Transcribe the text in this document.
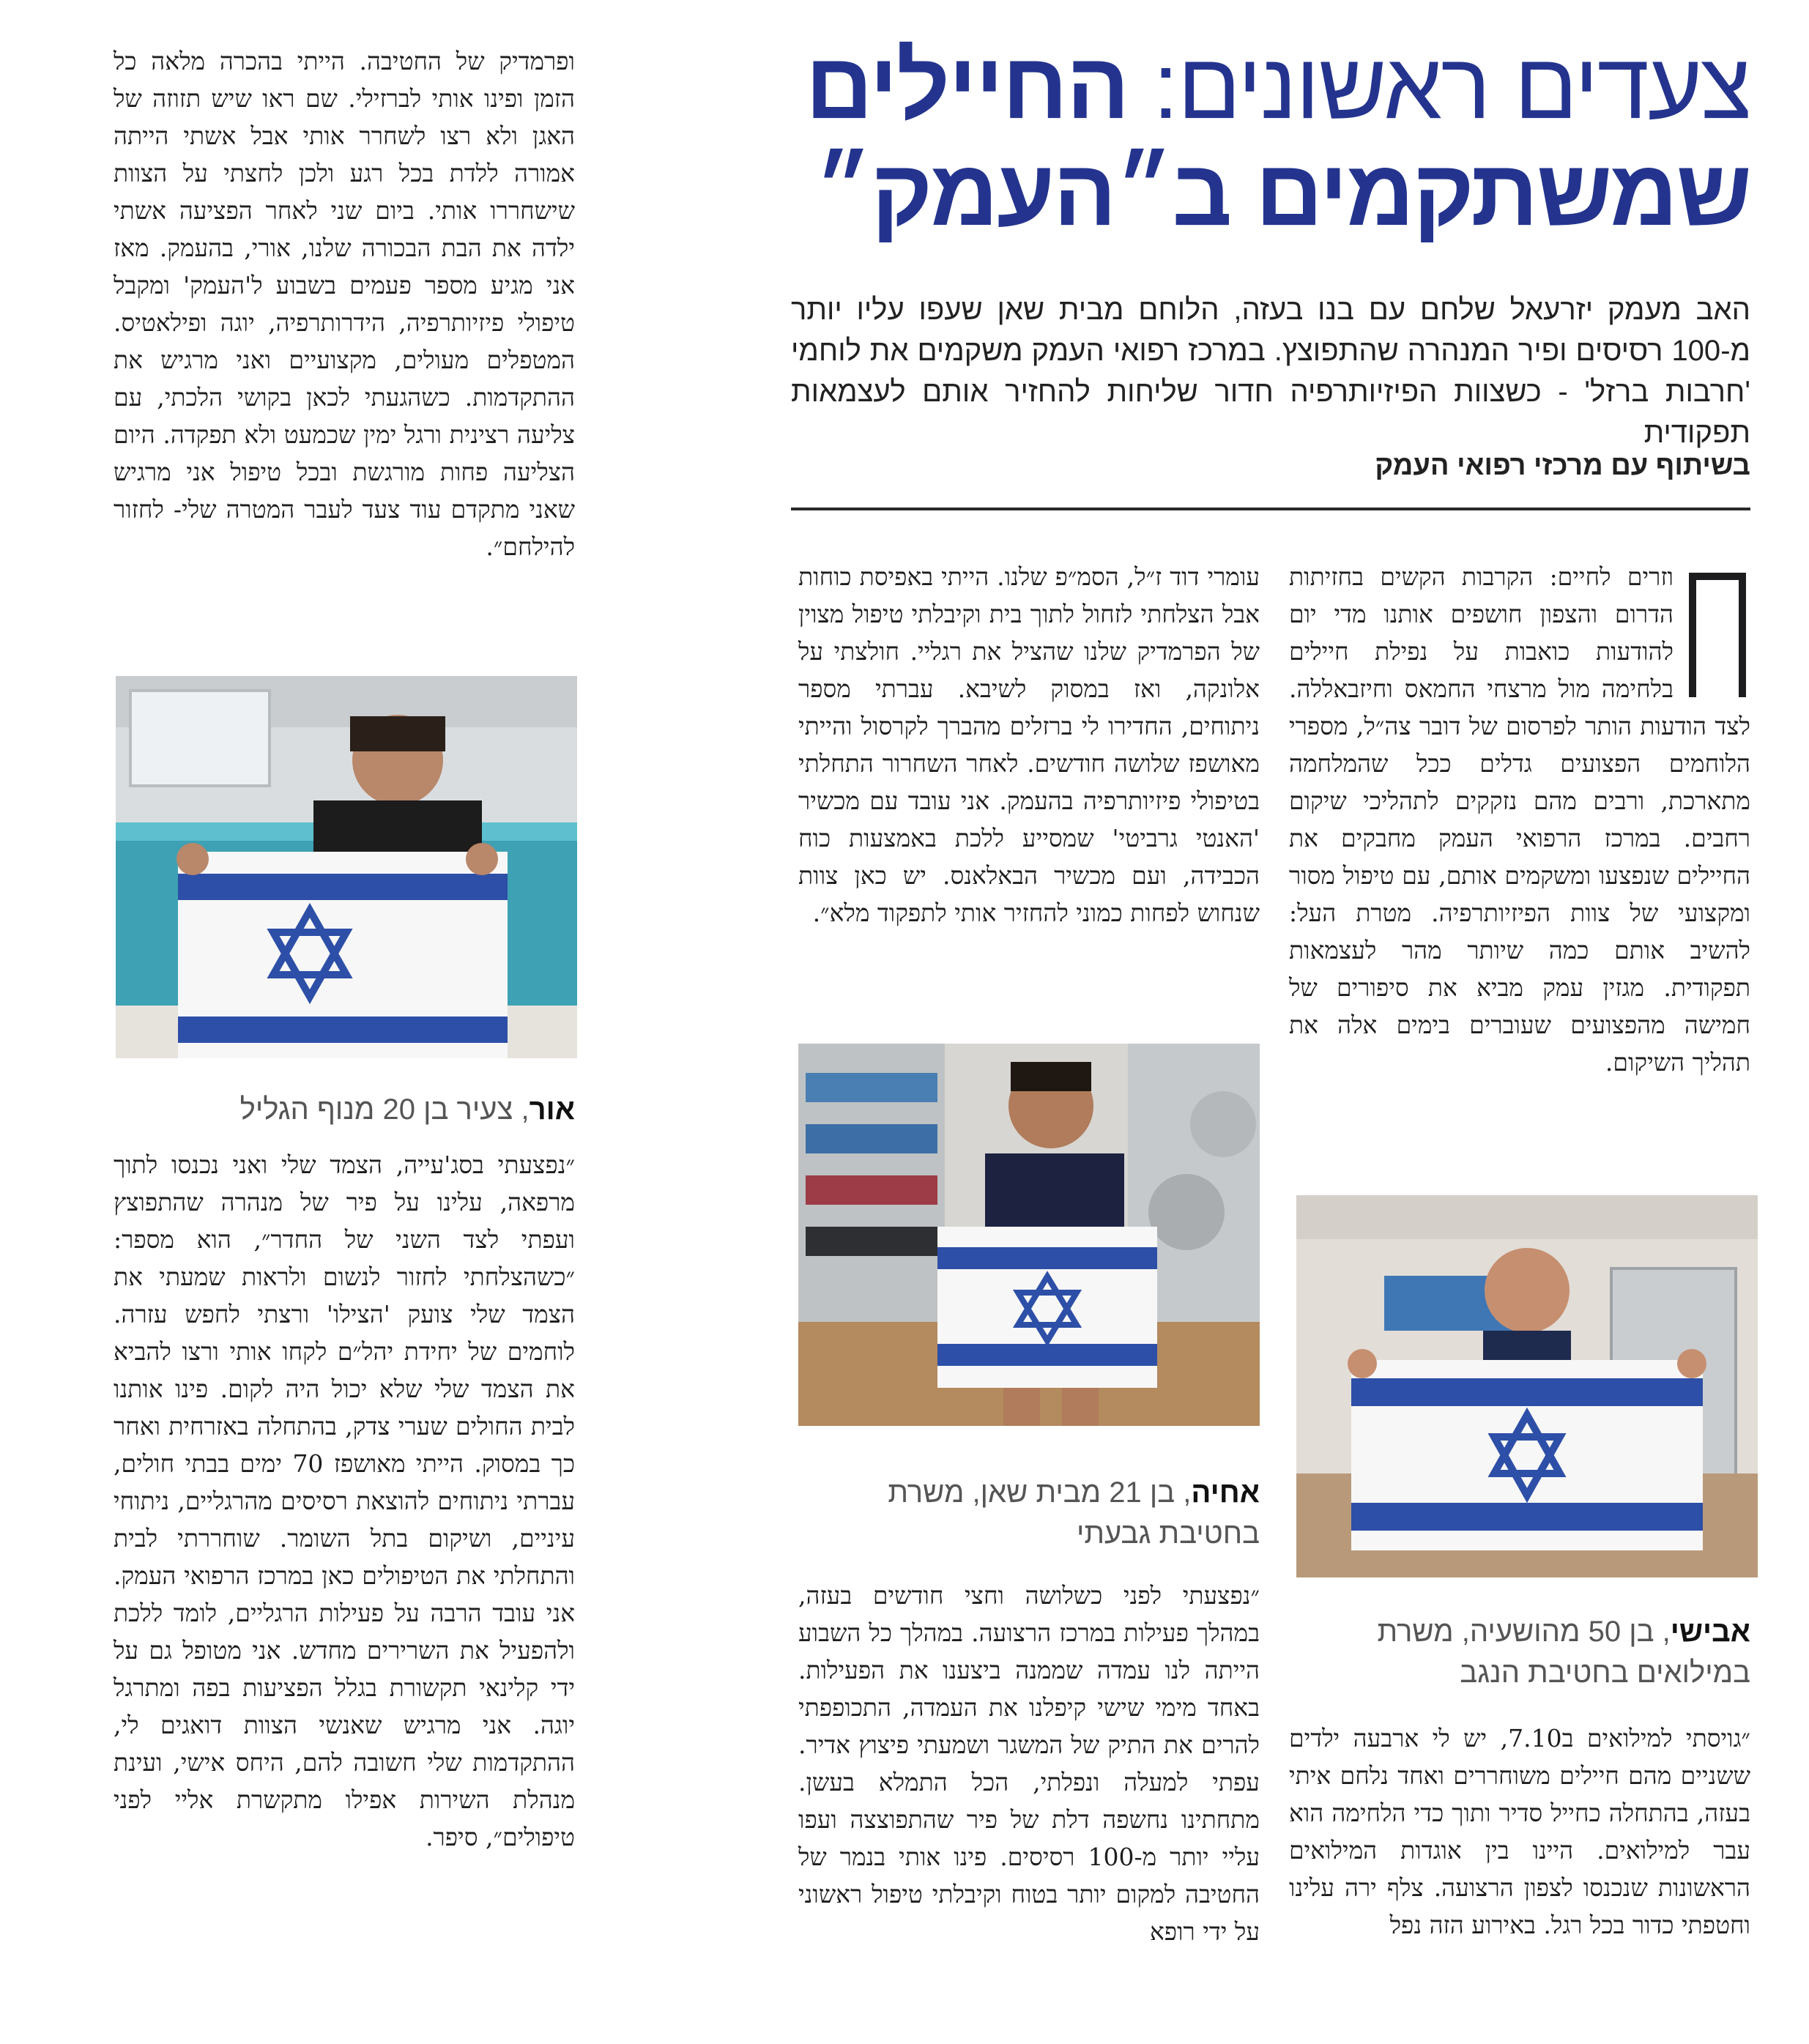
צעדים ראשונים: החיילים
שמשתקמים ב״העמק״
האב מעמק יזרעאל שלחם עם בנו בעזה, הלוחם מבית שאן שעפו עליו יותר מ-100 רסיסים ופיר המנהרה שהתפוצץ. במרכז רפואי העמק משקמים את לוחמי 'חרבות ברזל' - כשצוות הפיזיותרפיה חדור שליחות להחזיר אותם לעצמאות תפקודית
בשיתוף עם מרכזי רפואי העמק
וזרים לחיים: הקרבות הקשים בחזיתות הדרום והצפון חושפים אותנו מדי יום להודעות כואבות על נפילת חיילים בלחימה מול מרצחי החמאס וחיזבאללה. לצד הודעות הותר לפרסום של דובר צה״ל, מספרי הלוחמים הפצועים גדלים ככל שהמלחמה מתארכת, ורבים מהם נזקקים לתהליכי שיקום רחבים. במרכז הרפואי העמק מחבקים את החיילים שנפצעו ומשקמים אותם, עם טיפול מסור ומקצועי של צוות הפיזיותרפיה. מטרת העל: להשיב אותם כמה שיותר מהר לעצמאות תפקודית. מגזין עמק מביא את סיפורים של חמישה מהפצועים שעוברים בימים אלה את תהליך השיקום.
עומרי דוד ז״ל, הסמ״פ שלנו. הייתי באפיסת כוחות אבל הצלחתי לזחול לתוך בית וקיבלתי טיפול מצוין של הפרמדיק שלנו שהציל את רגליי. חולצתי על אלונקה, ואז במסוק לשיבא. עברתי מספר ניתוחים, החדירו לי ברזלים מהברך לקרסול והייתי מאושפז שלושה חודשים. לאחר השחרור התחלתי בטיפולי פיזיותרפיה בהעמק. אני עובד עם מכשיר 'האנטי גרביטי' שמסייע ללכת באמצעות כוח הכבידה, ועם מכשיר הבאלאנס. יש כאן צוות שנחוש לפחות כמוני להחזיר אותי לתפקוד מלא״.
ופרמדיק של החטיבה. הייתי בהכרה מלאה כל הזמן ופינו אותי לברזילי. שם ראו שיש תזוזה של האגן ולא רצו לשחרר אותי אבל אשתי הייתה אמורה ללדת בכל רגע ולכן לחצתי על הצוות שישחררו אותי. ביום שני לאחר הפציעה אשתי ילדה את הבת הבכורה שלנו, אורי, בהעמק. מאז אני מגיע מספר פעמים בשבוע ל'העמק' ומקבל טיפולי פיזיותרפיה, הידרותרפיה, יוגה ופילאטיס. המטפלים מעולים, מקצועיים ואני מרגיש את ההתקדמות. כשהגעתי לכאן בקושי הלכתי, עם צליעה רצינית ורגל ימין שכמעט ולא תפקדה. היום הצליעה פחות מורגשת ובכל טיפול אני מרגיש שאני מתקדם עוד צעד לעבר המטרה שלי- לחזור להילחם״.
אור, צעיר בן 20 מנוף הגליל
״נפצעתי בסג'עייה, הצמד שלי ואני נכנסו לתוך מרפאה, עלינו על פיר של מנהרה שהתפוצץ ועפתי לצד השני של החדר״, הוא מספר: ״כשהצלחתי לחזור לנשום ולראות שמעתי את הצמד שלי צועק 'הצילו' ורצתי לחפש עזרה. לוחמים של יחידת יהל״ם לקחו אותי ורצו להביא את הצמד שלי שלא יכול היה לקום. פינו אותנו לבית החולים שערי צדק, בהתחלה באזרחית ואחר כך במסוק. הייתי מאושפז 70 ימים בבתי חולים, עברתי ניתוחים להוצאת רסיסים מהרגליים, ניתוחי עיניים, ושיקום בתל השומר. שוחררתי לבית והתחלתי את הטיפולים כאן במרכז הרפואי העמק. אני עובד הרבה על פעילות הרגליים, לומד ללכת ולהפעיל את השרירים מחדש. אני מטופל גם על ידי קלינאי תקשורת בגלל הפציעות בפה ומתרגל יוגה. אני מרגיש שאנשי הצוות דואגים לי, ההתקדמות שלי חשובה להם, היחס אישי, ועינת מנהלת השירות אפילו מתקשרת אליי לפני טיפולים״, סיפר.
אחיה, בן 21 מבית שאן, משרת
בחטיבת גבעתי
״נפצעתי לפני כשלושה וחצי חודשים בעזה, במהלך פעילות במרכז הרצועה. במהלך כל השבוע הייתה לנו עמדה שממנה ביצענו את הפעילות. באחד מימי שישי קיפלנו את העמדה, התכופפתי להרים את התיק של המשגר ושמעתי פיצוץ אדיר. עפתי למעלה ונפלתי, הכל התמלא בעשן. מתחתינו נחשפה דלת של פיר שהתפוצצה ועפו עליי יותר מ-100 רסיסים. פינו אותי בנמר של החטיבה למקום יותר בטוח וקיבלתי טיפול ראשוני על ידי רופא
אבישי, בן 50 מהושעיה, משרת
במילואים בחטיבת הנגב
״גויסתי למילואים ב7.10, יש לי ארבעה ילדים ששניים מהם חיילים משוחררים ואחד נלחם איתי בעזה, בהתחלה כחייל סדיר ותוך כדי הלחימה הוא עבר למילואים. היינו בין אוגדות המילואים הראשונות שנכנסו לצפון הרצועה. צלף ירה עלינו וחטפתי כדור בכל רגל. באירוע הזה נפל
